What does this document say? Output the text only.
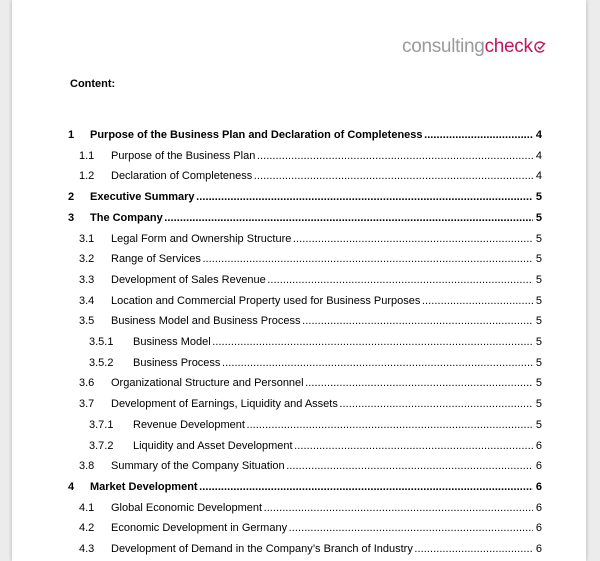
consultingcheck
Content:
1 Purpose of the Business Plan and Declaration of Completeness . . .	4
1.1 Purpose of the Business Plan . . .	4
1.2 Declaration of Completeness . . .	4
2 Executive Summary . . .	5
3 The Company . . .	5
3.1 Legal Form and Ownership Structure . . .	5
3.2 Range of Services . . .	5
3.3 Development of Sales Revenue . . .	5
3.4 Location and Commercial Property used for Business Purposes . . .	5
3.5 Business Model and Business Process . . .	5
3.5.1 Business Model . . .	5
3.5.2 Business Process . . .	5
3.6 Organizational Structure and Personnel . . .	5
3.7 Development of Earnings, Liquidity and Assets . . .	5
3.7.1 Revenue Development . . .	5
3.7.2 Liquidity and Asset Development . . .	6
3.8 Summary of the Company Situation . . .	6
4 Market Development . . .	6
4.1 Global Economic Development . . .	6
4.2 Economic Development in Germany . . .	6
4.3 Development of Demand in the Company’s Branch of Industry . . .	6
